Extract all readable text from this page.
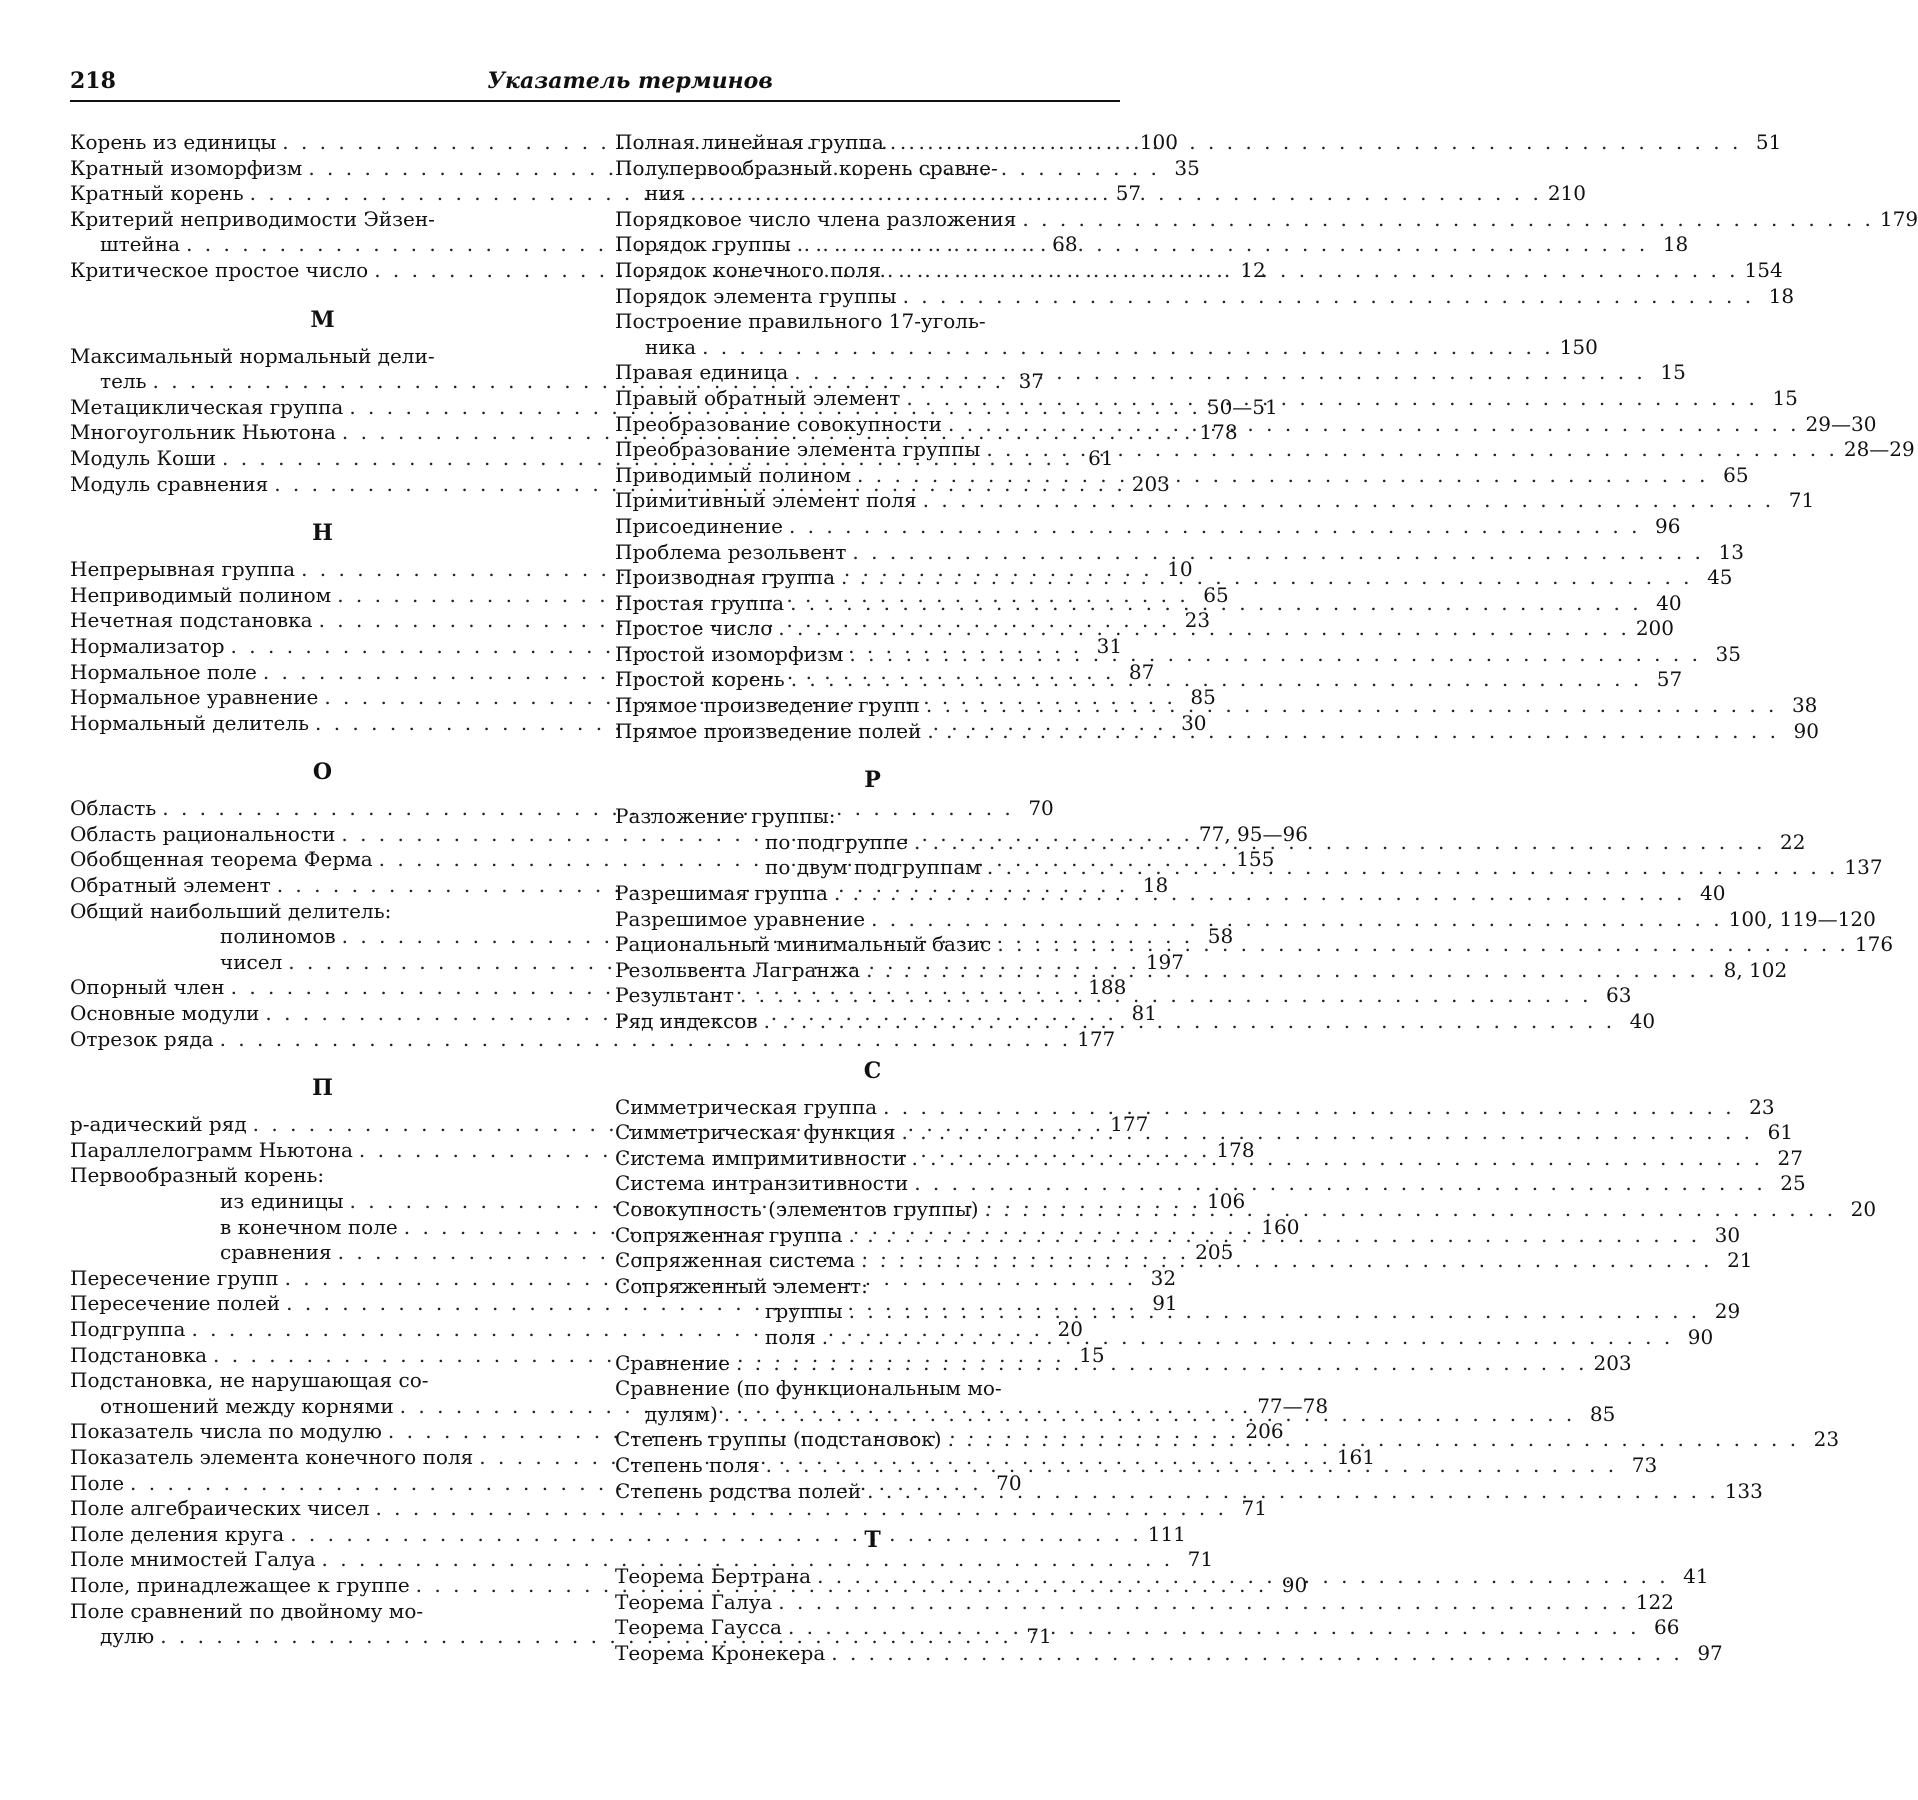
218	Указатель терминов
Корень из единицы . . .	100
Кратный изоморфизм . . .	35
Кратный корень . . .	57
Критерий неприводимости Эйзен-
штейна . . .	68
Критическое простое число . . .	12
М
Максимальный нормальный дели-
тель . . .	37
Метациклическая группа . . .	50—51
Многоугольник Ньютона . . .	178
Модуль Коши . . .	61
Модуль сравнения . . .	203
Н
Непрерывная группа . . .	10
Неприводимый полином . . .	65
Нечетная подстановка . . .	23
Нормализатор . . .	31
Нормальное поле . . .	87
Нормальное уравнение . . .	85
Нормальный делитель . . .	30
О
Область . . .	70
Область рациональности . . .	77, 95—96
Обобщенная теорема Ферма . . .	155
Обратный элемент . . .	18
Общий наибольший делитель:
полиномов . . .	58
чисел . . .	197
Опорный член . . .	188
Основные модули . . .	81
Отрезок ряда . . .	177
П
p-адический ряд . . .	177
Параллелограмм Ньютона . . .	178
Первообразный корень:
из единицы . . .	106
в конечном поле . . .	160
сравнения . . .	205
Пересечение групп . . .	32
Пересечение полей . . .	91
Подгруппа . . .	20
Подстановка . . .	15
Подстановка, не нарушающая со-
отношений между корнями . . .	77—78
Показатель числа по модулю . . .	206
Показатель элемента конечного поля . . .	161
Поле . . .	70
Поле алгебраических чисел . . .	71
Поле деления круга . . .	111
Поле мнимостей Галуа . . .	71
Поле, принадлежащее к группе . . .	90
Поле сравнений по двойному мо-
дулю . . .	71
Полная линейная группа . . .	51
Полупервообразный корень сравне-
ния . . .	210
Порядковое число члена разложения . . .	179
Порядок группы . . .	18
Порядок конечного поля . . .	154
Порядок элемента группы . . .	18
Построение правильного 17-уголь-
ника . . .	150
Правая единица . . .	15
Правый обратный элемент . . .	15
Преобразование совокупности . . .	29—30
Преобразование элемента группы . . .	28—29
Приводимый полином . . .	65
Примитивный элемент поля . . .	71
Присоединение . . .	96
Проблема резольвент . . .	13
Производная группа . . .	45
Простая группа . . .	40
Простое число . . .	200
Простой изоморфизм . . .	35
Простой корень . . .	57
Прямое произведение групп . . .	38
Прямое произведение полей . . .	90
Р
Разложение группы:
по подгруппе . . .	22
по двум подгруппам . . .	137
Разрешимая группа . . .	40
Разрешимое уравнение . . .	100, 119—120
Рациональный минимальный базис . . .	176
Резольвента Лагранжа . . .	8, 102
Результант . . .	63
Ряд индексов . . .	40
С
Симметрическая группа . . .	23
Симметрическая функция . . .	61
Система импримитивности . . .	27
Система интранзитивности . . .	25
Совокупность (элементов группы) . . .	20
Сопряженная группа . . .	30
Сопряженная система . . .	21
Сопряженный элемент:
группы . . .	29
поля . . .	90
Сравнение . . .	203
Сравнение (по функциональным мо-
дулям) . . .	85
Степень группы (подстановок) . . .	23
Степень поля . . .	73
Степень родства полей . . .	133
Т
Теорема Бертрана . . .	41
Теорема Галуа . . .	122
Теорема Гаусса . . .	66
Теорема Кронекера . . .	97
